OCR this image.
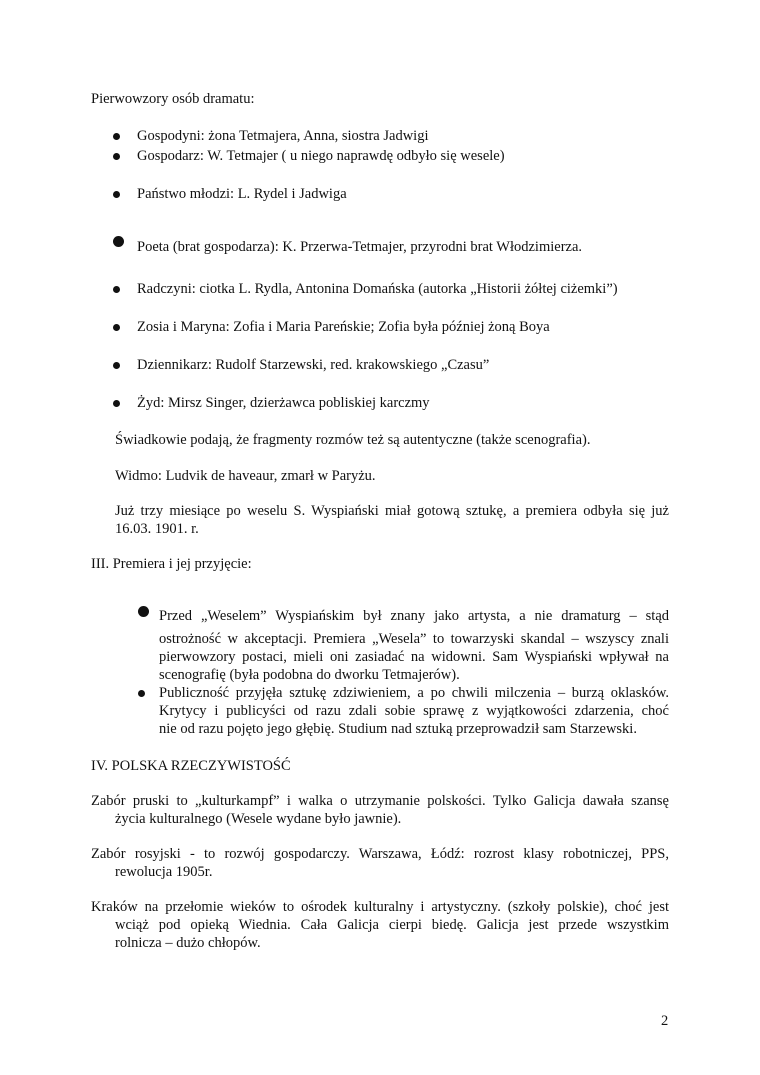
Pierwowzory osób dramatu:
Gospodyni: żona Tetmajera, Anna, siostra Jadwigi
Gospodarz: W. Tetmajer ( u niego naprawdę odbyło się wesele)
Państwo młodzi: L. Rydel i Jadwiga
Poeta (brat gospodarza): K. Przerwa-Tetmajer, przyrodni brat Włodzimierza.
Radczyni: ciotka L. Rydla, Antonina Domańska (autorka „Historii żółtej ciżemki”)
Zosia i Maryna: Zofia i Maria Pareńskie; Zofia była później żoną Boya
Dziennikarz: Rudolf Starzewski, red. krakowskiego „Czasu”
Żyd: Mirsz Singer, dzierżawca pobliskiej karczmy
Świadkowie podają, że fragmenty rozmów też są autentyczne (także scenografia).
Widmo: Ludvik de haveaur, zmarł w Paryżu.
Już trzy miesiące po weselu S. Wyspiański miał gotową sztukę, a premiera odbyła się już
16.03. 1901. r.
III. Premiera i jej przyjęcie:
Przed „Weselem” Wyspiańskim był znany jako artysta, a nie dramaturg – stąd
ostrożność w akceptacji. Premiera „Wesela” to towarzyski skandal – wszyscy znali
pierwowzory postaci, mieli oni zasiadać na widowni. Sam Wyspiański wpływał na
scenografię (była podobna do dworku Tetmajerów).
Publiczność przyjęła sztukę zdziwieniem, a po chwili milczenia – burzą oklasków.
Krytycy i publicyści od razu zdali sobie sprawę z wyjątkowości zdarzenia, choć
nie od razu pojęto jego głębię. Studium nad sztuką przeprowadził sam Starzewski.
IV. POLSKA RZECZYWISTOŚĆ
Zabór pruski to „kulturkampf” i walka o utrzymanie polskości. Tylko Galicja dawała szansę
życia kulturalnego (Wesele wydane było jawnie).
Zabór rosyjski - to rozwój gospodarczy. Warszawa, Łódź: rozrost klasy robotniczej, PPS,
rewolucja 1905r.
Kraków na przełomie wieków to ośrodek kulturalny i artystyczny. (szkoły polskie), choć jest
wciąż pod opieką Wiednia. Cała Galicja cierpi biedę. Galicja jest przede wszystkim
rolnicza – dużo chłopów.
2
